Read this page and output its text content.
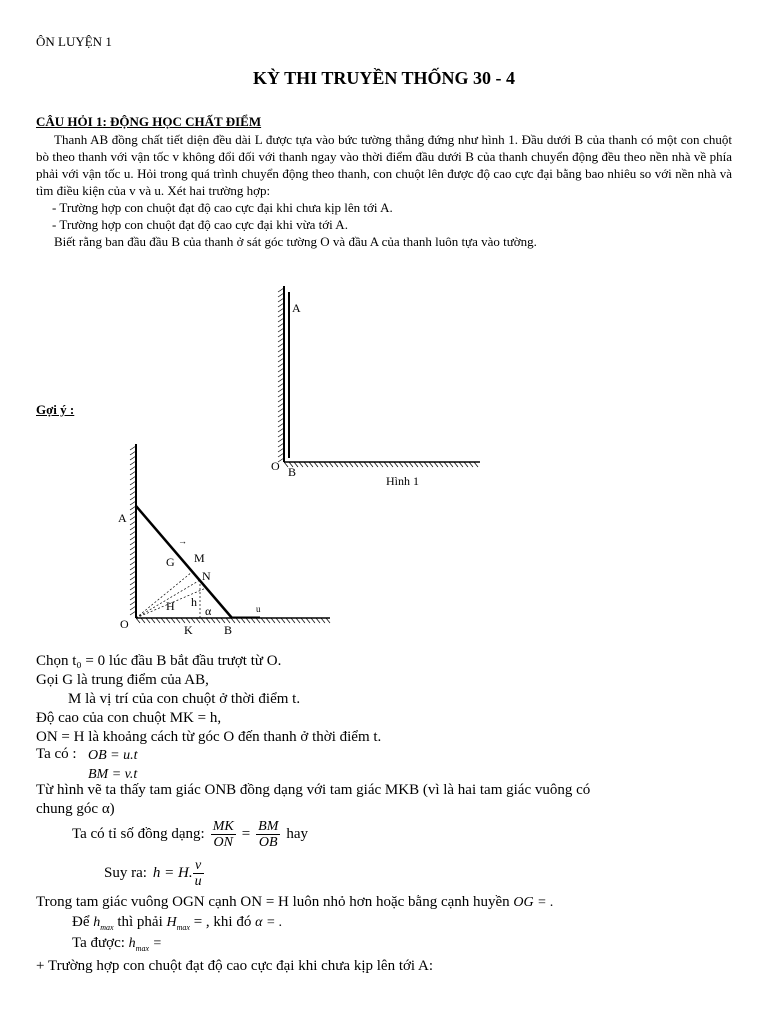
ÔN LUYỆN 1
KỲ THI TRUYỀN THỐNG 30 - 4
CÂU HỎI 1: ĐỘNG HỌC CHẤT ĐIỂM

Thanh AB đồng chất tiết diện đều dài L được tựa vào bức tường thẳng đứng như hình 1. Đầu dưới B của thanh có một con chuột bò theo thanh với vận tốc v không đổi đối với thanh ngay vào thời điểm đầu dưới B của thanh chuyển động đều theo nền nhà về phía phải với vận tốc u. Hỏi trong quá trình chuyển động theo thanh, con chuột lên được độ cao cực đại bằng bao nhiêu so với nền nhà và tìm điều kiện của v và u. Xét hai trường hợp:

- Trường hợp con chuột đạt độ cao cực đại khi chưa kịp lên tới A.

- Trường hợp con chuột đạt độ cao cực đại khi vừa tới A.

Biết rằng ban đầu đầu B của thanh ở sát góc tường O và đầu A của thanh luôn tựa vào tường.

A
O B
Hình 1
Gợi ý :
A
G M
N
H h
α
O	K	B
→
u
Chọn t₀ = 0 lúc đầu B bắt đầu trượt từ O.
Gọi G là trung điểm của AB,
M là vị trí của con chuột ở thời điểm t.
Độ cao của con chuột MK = h,
ON = H là khoảng cách từ góc O đến thanh ở thời điểm t.
Ta có : OB = u.t
BM = v.t
Từ hình vẽ ta thấy tam giác ONB đồng dạng với tam giác MKB (vì là hai tam giác vuông có
chung góc α)
Ta có tỉ số đồng dạng: $\frac{MK}{ON} = \frac{BM}{OB}$ hay
Suy ra: h = H. $\frac{v}{u}$
Trong tam giác vuông OGN cạnh ON = H luôn nhỏ hơn hoặc bằng cạnh huyền OG = .
Để $h_{max}$ thì phải $H_{max}$ = , khi đó α = .
Ta được: $h_{max}$ =
+ Trường hợp con chuột đạt độ cao cực đại khi chưa kịp lên tới A:
